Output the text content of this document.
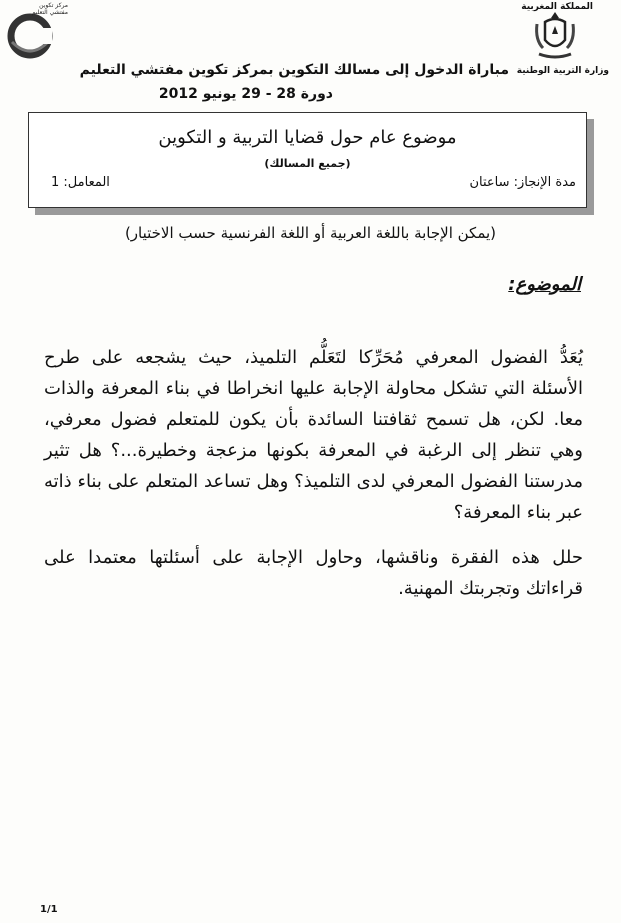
مركز تكوين
مفتشي التعليم
المملكة المغربية
وزارة التربية الوطنية
مباراة الدخول إلى مسالك التكوين بمركز تكوين مفتشي التعليم
دورة 28 - 29 يونيو 2012
موضوع عام حول قضايا التربية و التكوين
(جميع المسالك)
مدة الإنجاز: ساعتان
المعامل: 1
(يمكن الإجابة باللغة العربية أو اللغة الفرنسية حسب الاختيار)
الموضوع:
يُعَدُّ الفضول المعرفي مُحَرِّكا لتَعَلُّم التلميذ، حيث يشجعه على طرح الأسئلة التي تشكل محاولة الإجابة عليها انخراطا في بناء المعرفة والذات معا. لكن، هل تسمح ثقافتنا السائدة بأن يكون للمتعلم فضول معرفي، وهي تنظر إلى الرغبة في المعرفة بكونها مزعجة وخطيرة...؟ هل تثير مدرستنا الفضول المعرفي لدى التلميذ؟ وهل تساعد المتعلم على بناء ذاته عبر بناء المعرفة؟
حلل هذه الفقرة وناقشها، وحاول الإجابة على أسئلتها معتمدا على قراءاتك وتجربتك المهنية.
1/1
